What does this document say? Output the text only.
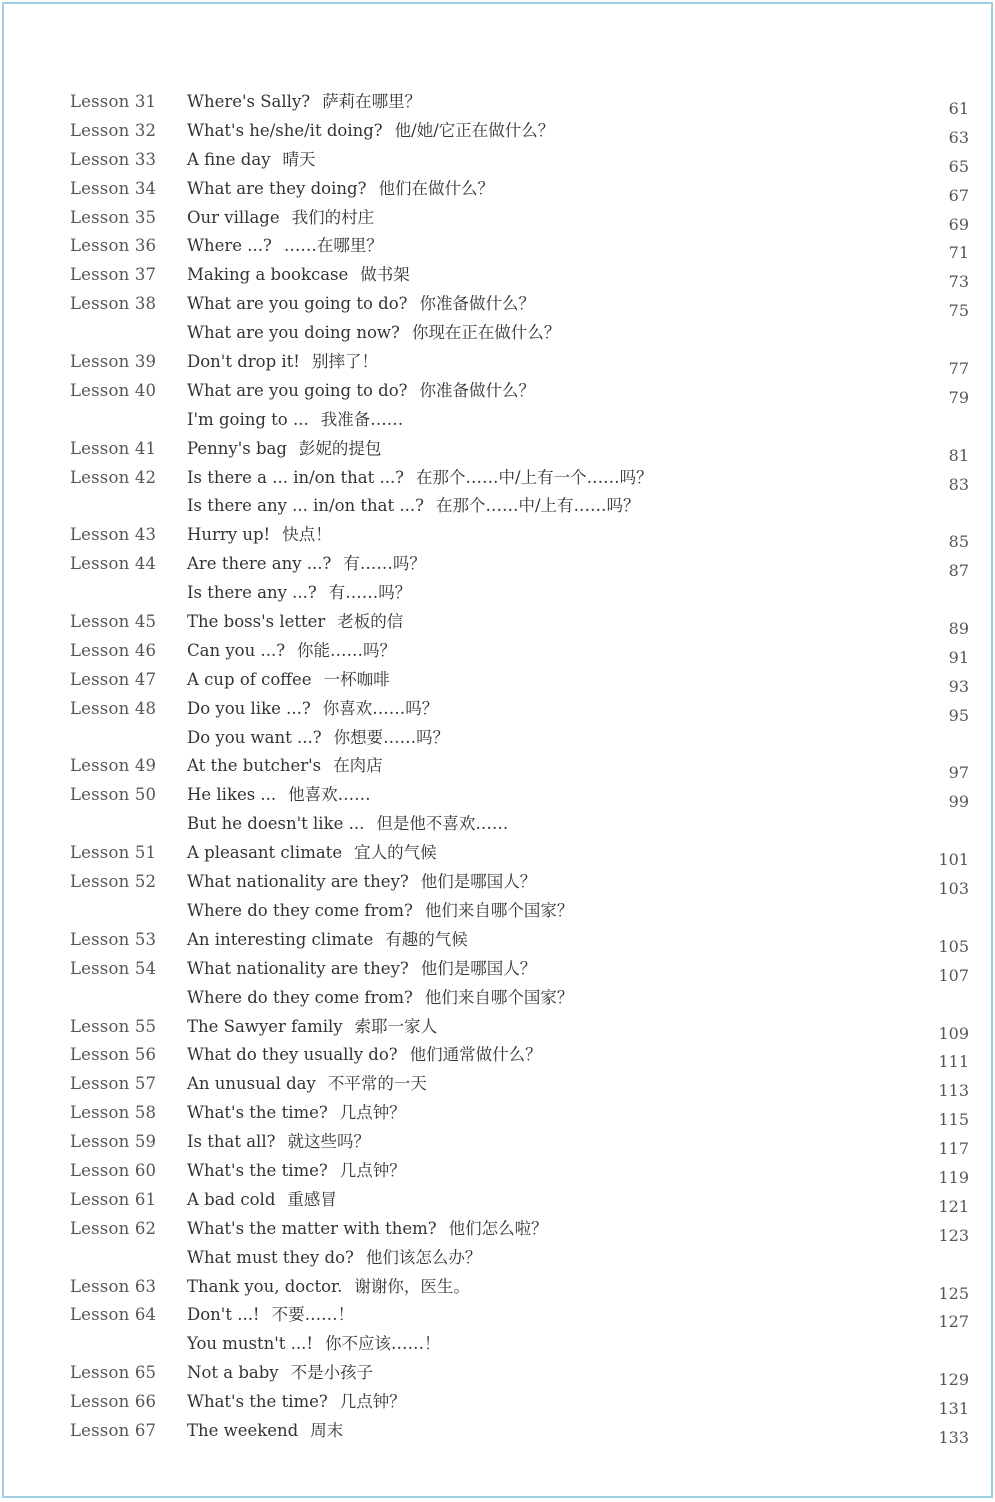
Lesson 31 Where's Sally? 萨莉在哪里？	61
Lesson 32 What's he/she/it doing? 他/她/它正在做什么？	63
Lesson 33 A fine day 晴天	65
Lesson 34 What are they doing? 他们在做什么？	67
Lesson 35 Our village 我们的村庄	69
Lesson 36 Where ...? ……在哪里？	71
Lesson 37 Making a bookcase 做书架	73
Lesson 38 What are you going to do? 你准备做什么？	75
What are you doing now? 你现在正在做什么？
Lesson 39 Don't drop it! 别摔了！	77
Lesson 40 What are you going to do? 你准备做什么？	79
I'm going to ... 我准备……
Lesson 41 Penny's bag 彭妮的提包	81
Lesson 42 Is there a ... in/on that ...? 在那个……中/上有一个……吗？	83
Is there any ... in/on that ...? 在那个……中/上有……吗？
Lesson 43 Hurry up! 快点！	85
Lesson 44 Are there any ...? 有……吗？	87
Is there any ...? 有……吗？
Lesson 45 The boss's letter 老板的信	89
Lesson 46 Can you ...? 你能……吗？	91
Lesson 47 A cup of coffee 一杯咖啡	93
Lesson 48 Do you like ...? 你喜欢……吗？	95
Do you want ...? 你想要……吗？
Lesson 49 At the butcher's 在肉店	97
Lesson 50 He likes ... 他喜欢……	99
But he doesn't like ... 但是他不喜欢……
Lesson 51 A pleasant climate 宜人的气候	101
Lesson 52 What nationality are they? 他们是哪国人？	103
Where do they come from? 他们来自哪个国家？
Lesson 53 An interesting climate 有趣的气候	105
Lesson 54 What nationality are they? 他们是哪国人？	107
Where do they come from? 他们来自哪个国家？
Lesson 55 The Sawyer family 索耶一家人	109
Lesson 56 What do they usually do? 他们通常做什么？	111
Lesson 57 An unusual day 不平常的一天	113
Lesson 58 What's the time? 几点钟？	115
Lesson 59 Is that all? 就这些吗？	117
Lesson 60 What's the time? 几点钟？	119
Lesson 61 A bad cold 重感冒	121
Lesson 62 What's the matter with them? 他们怎么啦？	123
What must they do? 他们该怎么办？
Lesson 63 Thank you, doctor. 谢谢你，医生。	125
Lesson 64 Don't ...! 不要……！	127
You mustn't ...! 你不应该……！
Lesson 65 Not a baby 不是小孩子	129
Lesson 66 What's the time? 几点钟？	131
Lesson 67 The weekend 周末	133
